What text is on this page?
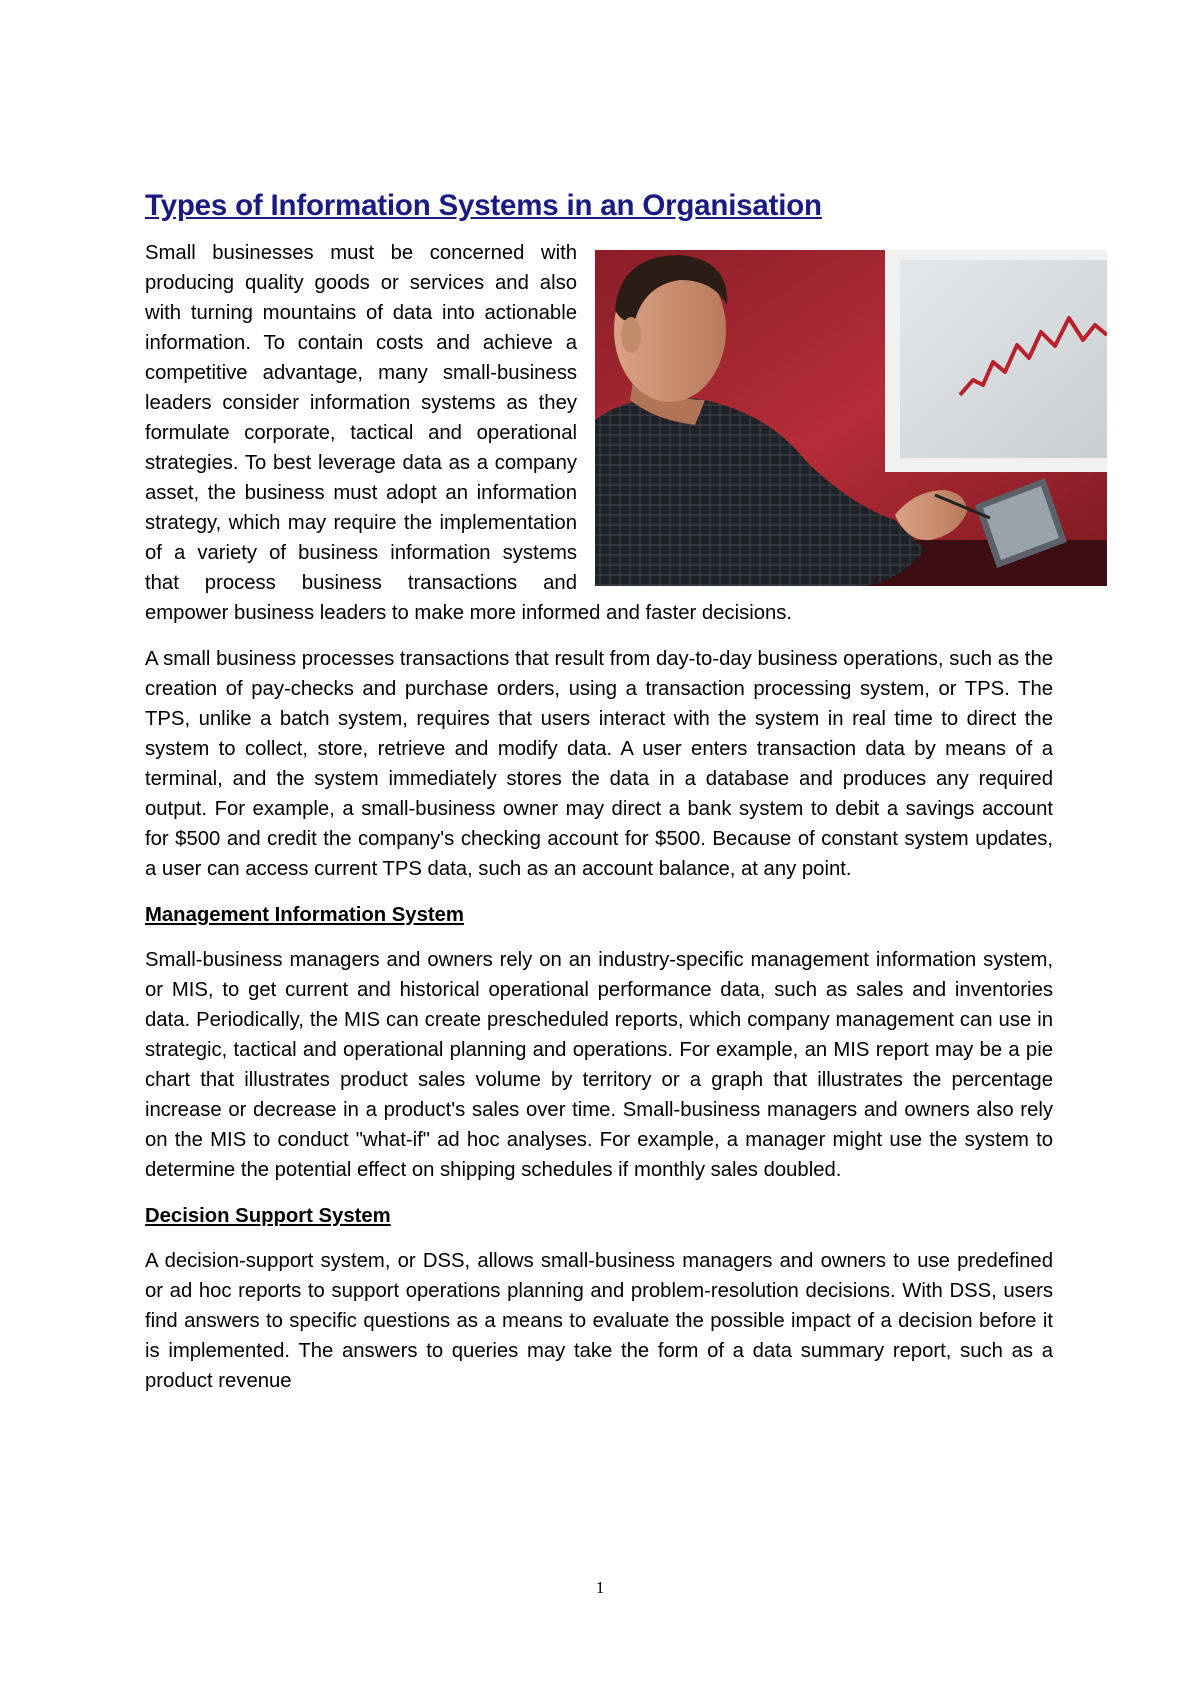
Types of Information Systems in an Organisation

Small businesses must be concerned with producing quality goods or services and also with turning mountains of data into actionable information. To contain costs and achieve a competitive advantage, many small-business leaders consider information systems as they formulate corporate, tactical and operational strategies. To best leverage data as a company asset, the business must adopt an information strategy, which may require the implementation of a variety of business information systems that process business transactions and empower business leaders to make more informed and faster decisions.

A small business processes transactions that result from day-to-day business operations, such as the creation of pay-checks and purchase orders, using a transaction processing system, or TPS. The TPS, unlike a batch system, requires that users interact with the system in real time to direct the system to collect, store, retrieve and modify data. A user enters transaction data by means of a terminal, and the system immediately stores the data in a database and produces any required output. For example, a small-business owner may direct a bank system to debit a savings account for $500 and credit the company's checking account for $500. Because of constant system updates, a user can access current TPS data, such as an account balance, at any point.

Management Information System

Small-business managers and owners rely on an industry-specific management information system, or MIS, to get current and historical operational performance data, such as sales and inventories data. Periodically, the MIS can create prescheduled reports, which company management can use in strategic, tactical and operational planning and operations. For example, an MIS report may be a pie chart that illustrates product sales volume by territory or a graph that illustrates the percentage increase or decrease in a product's sales over time. Small-business managers and owners also rely on the MIS to conduct "what-if" ad hoc analyses. For example, a manager might use the system to determine the potential effect on shipping schedules if monthly sales doubled.

Decision Support System

A decision-support system, or DSS, allows small-business managers and owners to use predefined or ad hoc reports to support operations planning and problem-resolution decisions. With DSS, users find answers to specific questions as a means to evaluate the possible impact of a decision before it is implemented. The answers to queries may take the form of a data summary report, such as a product revenue

1
